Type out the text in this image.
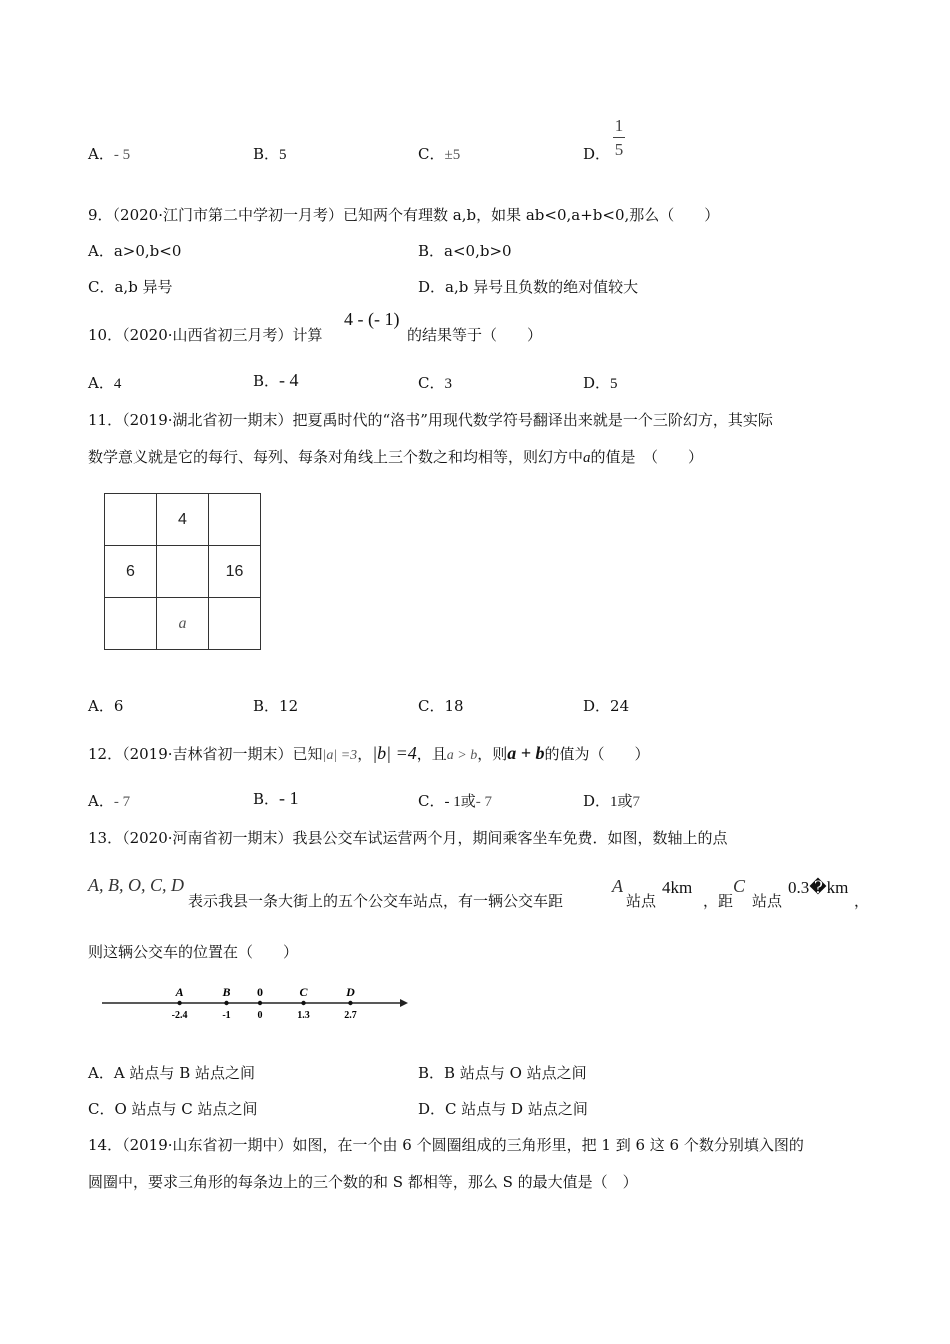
A．- 5	B．5	C．±5	D．
1
5
9．（2020·江门市第二中学初一月考）已知两个有理数 a,b，如果 ab<0,a+b<0,那么（　　）
A．a>0,b<0	B．a<0,b>0
C．a,b 异号	D．a,b 异号且负数的绝对值较大
10．（2020·山西省初三月考）计算
4 - (- 1)
的结果等于（　　）
A．4	B．- 4	C．3	D．5
11．（2019·湖北省初一期末）把夏禹时代的“洛书”用现代数学符号翻译出来就是一个三阶幻方，其实际
数学意义就是它的每行、每列、每条对角线上三个数之和均相等，则幻方中a的值是　（　　）
	4	
6		16
	a	
A．6	B．12	C．18	D．24
12．（2019·吉林省初一期末）已知|a| =3，|b| =4，且a > b，则a + b的值为（　　）
A．- 7	B．- 1	C．- 1或- 7	D．1或7
13．（2020·河南省初一期末）我县公交车试运营两个月，期间乘客坐车免费．如图，数轴上的点
A, B, O, C, D
表示我县一条大街上的五个公交车站点，有一辆公交车距
A
站点
4km
，距
C
站点
0.3�km
，
则这辆公交车的位置在（　　）
A
-2.4
B
-1
0
0
C
1.3
D
2.7
A．A 站点与 B 站点之间	B．B 站点与 O 站点之间
C．O 站点与 C 站点之间	D．C 站点与 D 站点之间
14．（2019·山东省初一期中）如图，在一个由 6 个圆圈组成的三角形里，把 1 到 6 这 6 个数分别填入图的
圆圈中，要求三角形的每条边上的三个数的和 S 都相等，那么 S 的最大值是（　）
